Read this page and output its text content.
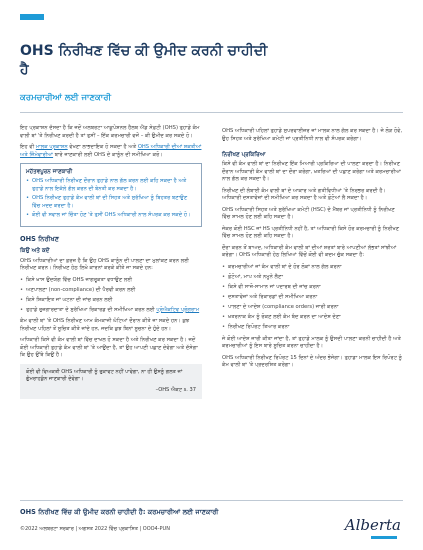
OHS ਨਿਰੀਖਣ ਵਿੱਚ ਕੀ ਉਮੀਦ ਕਰਨੀ ਚਾਹੀਦੀ ਹੈ
ਕਰਮਚਾਰੀਆਂ ਲਈ ਜਾਣਕਾਰੀ

ਇਹ ਪ੍ਰਕਾਸ਼ਨ ਦੱਸਦਾ ਹੈ ਕਿ ਜਦੋਂ ਅਲਬਰਟਾ ਆਕੂਪੇਸ਼ਨਲ ਹੈਲਥ ਐਂਡ ਸੇਫ਼ਟੀ (OHS) ਤੁਹਾਡੇ ਕੰਮ ਵਾਲੀ ਥਾਂ 'ਤੇ ਨਿਰੀਖਣ ਕਰਦੀ ਹੈ ਤਾਂ ਤੁਸੀਂ – ਇੱਕ ਕਰਮਚਾਰੀ ਵਜੋਂ – ਕੀ ਉਮੀਦ ਕਰ ਸਕਦੇ ਹੋ।

ਇਹ ਵੀ ਮਾਲਕ ਪ੍ਰਕਾਸ਼ਨ ਵੇਖਣਾ ਲਾਭਦਾਇਕ ਹੋ ਸਕਦਾ ਹੈ ਅਤੇ OHS ਅਧਿਕਾਰੀ ਦੀਆਂ ਸ਼ਕਤੀਆਂ ਅਤੇ ਜ਼ਿੰਮੇਵਾਰੀਆਂ ਬਾਰੇ ਜਾਣਕਾਰੀ ਲਈ OHS ਦੇ ਕਾਨੂੰਨ ਦੀ ਸਮੀਖਿਆ ਕਰੋ।

ਮਹੱਤਵਪੂਰਨ ਜਾਣਕਾਰੀ
• OHS ਅਧਿਕਾਰੀ ਨਿਰੀਖਣ ਦੌਰਾਨ ਤੁਹਾਡੇ ਨਾਲ ਗੱਲ ਕਰਨ ਲਈ ਕਹਿ ਸਕਦਾ ਹੈ ਅਤੇ ਤੁਹਾਡੇ ਨਾਲ ਇਕੱਲੇ ਗੱਲ ਕਰਨ ਦੀ ਬੇਨਤੀ ਕਰ ਸਕਦਾ ਹੈ।
• OHS ਨਿਰੀਖਣ ਤੁਹਾਡੇ ਕੰਮ ਵਾਲੀ ਥਾਂ ਦੀ ਸਿਹਤ ਅਤੇ ਸੁਰੱਖਿਆ ਨੂੰ ਬਿਹਤਰ ਬਣਾਉਣ ਵਿੱਚ ਮਦਦ ਕਰਦਾ ਹੈ।
• ਕੋਈ ਵੀ ਸਵਾਲ ਜਾਂ ਚਿੰਤਾ ਹੋਣ 'ਤੇ ਤੁਸੀਂ OHS ਅਧਿਕਾਰੀ ਨਾਲ ਸੰਪਰਕ ਕਰ ਸਕਦੇ ਹੋ।
OHS ਨਿਰੀਖਣ
ਕਿਉਂ ਅਤੇ ਕਦੋਂ

OHS ਅਧਿਕਾਰੀਆਂ ਦਾ ਫ਼ਰਜ਼ ਹੈ ਕਿ ਉਹ OHS ਕਾਨੂੰਨ ਦੀ ਪਾਲਣਾ ਦਾ ਮੁਲਾਂਕਣ ਕਰਨ ਲਈ ਨਿਰੀਖਣ ਕਰਨ। ਨਿਰੀਖਣ ਹੇਠ ਲਿਖੇ ਕਾਰਨਾਂ ਕਰਕੇ ਕੀਤੇ ਜਾ ਸਕਦੇ ਹਨ:

• ਕਿਸੇ ਖ਼ਾਸ ਉਦਯੋਗ ਵਿੱਚ OHS ਜਾਗਰੂਕਤਾ ਵਧਾਉਣ ਲਈ
• ਅਣਪਾਲਣਾ (non-compliance) ਦੀ ਪੈਰਵੀ ਕਰਨ ਲਈ
• ਕਿਸੇ ਸ਼ਿਕਾਇਤ ਜਾਂ ਘਟਨਾ ਦੀ ਜਾਂਚ ਕਰਨ ਲਈ
• ਤੁਹਾਡੇ ਰੁਜ਼ਗਾਰਦਾਤਾ ਦੇ ਸੁਰੱਖਿਆ ਰਿਕਾਰਡ ਦੀ ਸਮੀਖਿਆ ਕਰਨ ਲਈ ਪ੍ਰੋਐਕਟਿਵ ਪ੍ਰੋਗਰਾਮ

ਕੰਮ ਵਾਲੀ ਥਾਂ 'ਤੇ OHS ਨਿਰੀਖਣ ਆਮ ਕੰਮਕਾਜੀ ਘੰਟਿਆਂ ਦੌਰਾਨ ਕੀਤੇ ਜਾ ਸਕਦੇ ਹਨ। ਕੁਝ ਨਿਰੀਖਣ ਪਹਿਲਾਂ ਤੋਂ ਸੂਚਿਤ ਕੀਤੇ ਜਾਂਦੇ ਹਨ, ਜਦਕਿ ਕੁਝ ਬਿਨਾਂ ਸੂਚਨਾ ਦੇ ਹੁੰਦੇ ਹਨ।

ਅਧਿਕਾਰੀ ਕਿਸੇ ਵੀ ਕੰਮ ਵਾਲੀ ਥਾਂ ਵਿੱਚ ਦਾਖਲ ਹੋ ਸਕਦਾ ਹੈ ਅਤੇ ਨਿਰੀਖਣ ਕਰ ਸਕਦਾ ਹੈ। ਜਦੋਂ ਕੋਈ ਅਧਿਕਾਰੀ ਤੁਹਾਡੇ ਕੰਮ ਵਾਲੀ ਥਾਂ 'ਤੇ ਆਉਂਦਾ ਹੈ, ਤਾਂ ਉਹ ਆਪਣੀ ਪਛਾਣ ਦੇਵੇਗਾ ਅਤੇ ਦੱਸੇਗਾ ਕਿ ਉਹ ਉੱਥੇ ਕਿਉਂ ਹੈ।

ਕੋਈ ਵੀ ਵਿਅਕਤੀ OHS ਅਧਿਕਾਰੀ ਨੂੰ ਰੁਕਾਵਟ ਨਹੀਂ ਪਾਵੇਗਾ, ਨਾ ਹੀ ਉਸਨੂੰ ਗਲਤ ਜਾਂ ਗੁੰਮਰਾਹਕੁੰਨ ਜਾਣਕਾਰੀ ਦੇਵੇਗਾ।
–OHS ਐਕਟ s. 37

OHS ਅਧਿਕਾਰੀ ਪਹਿਲਾਂ ਤੁਹਾਡੇ ਸੁਪਰਵਾਈਜ਼ਰ ਜਾਂ ਮਾਲਕ ਨਾਲ ਗੱਲ ਕਰ ਸਕਦਾ ਹੈ। ਜੇ ਲੋੜ ਹੋਵੇ, ਉਹ ਸਿਹਤ ਅਤੇ ਸੁਰੱਖਿਆ ਕਮੇਟੀ ਜਾਂ ਪ੍ਰਤੀਨਿਧੀ ਨਾਲ ਵੀ ਸੰਪਰਕ ਕਰੇਗਾ।

ਨਿਰੀਖਣ ਪ੍ਰਕਿਰਿਆ

ਕਿਸੇ ਵੀ ਕੰਮ ਵਾਲੀ ਥਾਂ ਦਾ ਨਿਰੀਖਣ ਇੱਕ ਮਿਆਰੀ ਪ੍ਰਕਿਰਿਆ ਦੀ ਪਾਲਣਾ ਕਰਦਾ ਹੈ। ਨਿਰੀਖਣ ਦੌਰਾਨ ਅਧਿਕਾਰੀ ਕੰਮ ਵਾਲੀ ਥਾਂ ਦਾ ਦੌਰਾ ਕਰੇਗਾ, ਖ਼ਤਰਿਆਂ ਦੀ ਪਛਾਣ ਕਰੇਗਾ ਅਤੇ ਕਰਮਚਾਰੀਆਂ ਨਾਲ ਗੱਲ ਕਰ ਸਕਦਾ ਹੈ।

ਨਿਰੀਖਣ ਦੀ ਲੰਬਾਈ ਕੰਮ ਵਾਲੀ ਥਾਂ ਦੇ ਆਕਾਰ ਅਤੇ ਗਤੀਵਿਧੀਆਂ 'ਤੇ ਨਿਰਭਰ ਕਰਦੀ ਹੈ। ਅਧਿਕਾਰੀ ਦਸਤਾਵੇਜ਼ਾਂ ਦੀ ਸਮੀਖਿਆ ਕਰ ਸਕਦਾ ਹੈ ਅਤੇ ਫ਼ੋਟੋਆਂ ਲੈ ਸਕਦਾ ਹੈ।

OHS ਅਧਿਕਾਰੀ ਸਿਹਤ ਅਤੇ ਸੁਰੱਖਿਆ ਕਮੇਟੀ (HSC) ਦੇ ਮੈਂਬਰ ਜਾਂ ਪ੍ਰਤੀਨਿਧੀ ਨੂੰ ਨਿਰੀਖਣ ਵਿੱਚ ਸ਼ਾਮਲ ਹੋਣ ਲਈ ਕਹਿ ਸਕਦਾ ਹੈ।

ਜੇਕਰ ਕੋਈ HSC ਜਾਂ HS ਪ੍ਰਤੀਨਿਧੀ ਨਹੀਂ ਹੈ, ਤਾਂ ਅਧਿਕਾਰੀ ਕਿਸੇ ਹੋਰ ਕਰਮਚਾਰੀ ਨੂੰ ਨਿਰੀਖਣ ਵਿੱਚ ਸ਼ਾਮਲ ਹੋਣ ਲਈ ਕਹਿ ਸਕਦਾ ਹੈ।

ਦੌਰਾ ਕਰਨ ਤੋਂ ਬਾਅਦ, ਅਧਿਕਾਰੀ ਕੰਮ ਵਾਲੀ ਥਾਂ ਦੀਆਂ ਸ਼ਰਤਾਂ ਬਾਰੇ ਆਪਣੀਆਂ ਲੱਭਤਾਂ ਸਾਂਝੀਆਂ ਕਰੇਗਾ। OHS ਅਧਿਕਾਰੀ ਹੇਠ ਲਿਖਿਆਂ ਵਿੱਚੋਂ ਕੋਈ ਵੀ ਕਦਮ ਚੁੱਕ ਸਕਦਾ ਹੈ:

• ਕਰਮਚਾਰੀਆਂ ਜਾਂ ਕੰਮ ਵਾਲੀ ਥਾਂ ਦੇ ਹੋਰ ਲੋਕਾਂ ਨਾਲ ਗੱਲ ਕਰਨਾ
• ਫ਼ੋਟੋਆਂ, ਮਾਪ ਅਤੇ ਨਮੂਨੇ ਲੈਣਾ
• ਕਿਸੇ ਵੀ ਸਾਜ਼ੋ-ਸਾਮਾਨ ਜਾਂ ਪਦਾਰਥ ਦੀ ਜਾਂਚ ਕਰਨਾ
• ਦਸਤਾਵੇਜ਼ਾਂ ਅਤੇ ਰਿਕਾਰਡਾਂ ਦੀ ਸਮੀਖਿਆ ਕਰਨਾ
• ਪਾਲਣਾ ਦੇ ਆਦੇਸ਼ (compliance orders) ਜਾਰੀ ਕਰਨਾ
• ਖ਼ਤਰਨਾਕ ਕੰਮ ਨੂੰ ਰੋਕਣ ਲਈ ਕੰਮ ਬੰਦ ਕਰਨ ਦਾ ਆਦੇਸ਼ ਦੇਣਾ
• ਨਿਰੀਖਣ ਰਿਪੋਰਟ ਤਿਆਰ ਕਰਨਾ

ਜੇ ਕੋਈ ਆਦੇਸ਼ ਜਾਰੀ ਕੀਤਾ ਜਾਂਦਾ ਹੈ, ਤਾਂ ਤੁਹਾਡੇ ਮਾਲਕ ਨੂੰ ਉਸਦੀ ਪਾਲਣਾ ਕਰਨੀ ਚਾਹੀਦੀ ਹੈ ਅਤੇ ਕਰਮਚਾਰੀਆਂ ਨੂੰ ਇਸ ਬਾਰੇ ਸੂਚਿਤ ਕਰਨਾ ਚਾਹੀਦਾ ਹੈ।

OHS ਅਧਿਕਾਰੀ ਨਿਰੀਖਣ ਰਿਪੋਰਟ 15 ਦਿਨਾਂ ਦੇ ਅੰਦਰ ਭੇਜੇਗਾ। ਤੁਹਾਡਾ ਮਾਲਕ ਇਸ ਰਿਪੋਰਟ ਨੂੰ ਕੰਮ ਵਾਲੀ ਥਾਂ 'ਤੇ ਪ੍ਰਦਰਸ਼ਿਤ ਕਰੇਗਾ।

OHS ਨਿਰੀਖਣ ਵਿੱਚ ਕੀ ਉਮੀਦ ਕਰਨੀ ਚਾਹੀਦੀ ਹੈ: ਕਰਮਚਾਰੀਆਂ ਲਈ ਜਾਣਕਾਰੀ
©2022 ਅਲਬਰਟਾ ਸਰਕਾਰ | ਅਗਸਤ 2022 ਵਿੱਚ ਪ੍ਰਕਾਸ਼ਿਤ | OOO4-PUN	Alberta
